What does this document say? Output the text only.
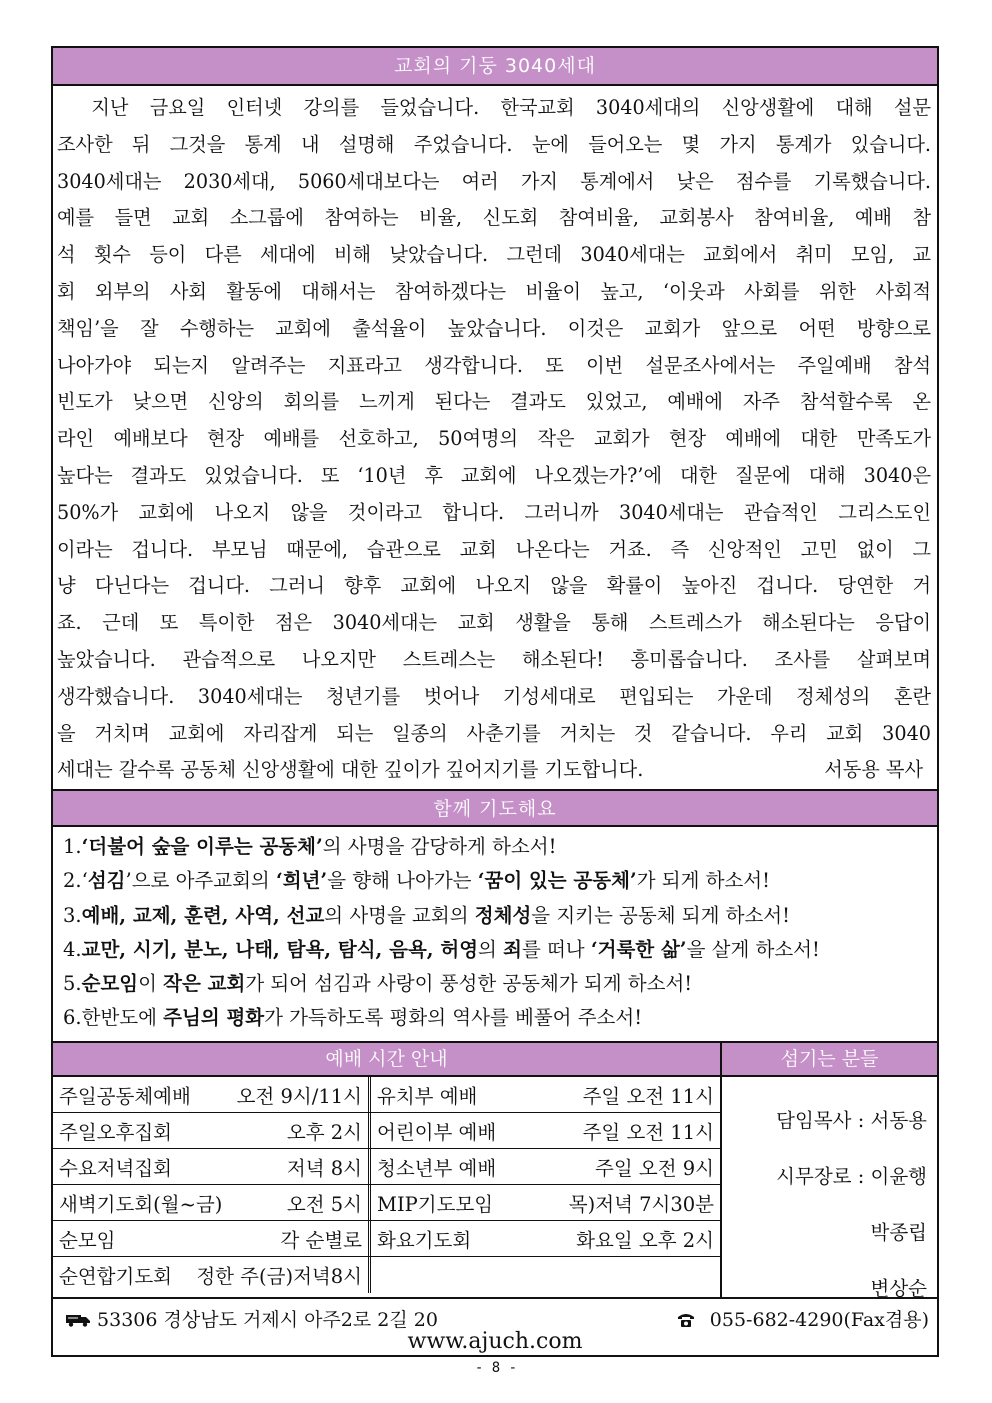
교회의 기둥 3040세대
　지난 금요일 인터넷 강의를 들었습니다. 한국교회 3040세대의 신앙생활에 대해 설문
조사한 뒤 그것을 통계 내 설명해 주었습니다. 눈에 들어오는 몇 가지 통계가 있습니다.
3040세대는 2030세대, 5060세대보다는 여러 가지 통계에서 낮은 점수를 기록했습니다.
예를 들면 교회 소그룹에 참여하는 비율, 신도회 참여비율, 교회봉사 참여비율, 예배 참
석 횟수 등이 다른 세대에 비해 낮았습니다. 그런데 3040세대는 교회에서 취미 모임, 교
회 외부의 사회 활동에 대해서는 참여하겠다는 비율이 높고, ‘이웃과 사회를 위한 사회적
책임’을 잘 수행하는 교회에 출석율이 높았습니다. 이것은 교회가 앞으로 어떤 방향으로
나아가야 되는지 알려주는 지표라고 생각합니다. 또 이번 설문조사에서는 주일예배 참석
빈도가 낮으면 신앙의 회의를 느끼게 된다는 결과도 있었고, 예배에 자주 참석할수록 온
라인 예배보다 현장 예배를 선호하고, 50여명의 작은 교회가 현장 예배에 대한 만족도가
높다는 결과도 있었습니다. 또 ‘10년 후 교회에 나오겠는가?’에 대한 질문에 대해 3040은
50%가 교회에 나오지 않을 것이라고 합니다. 그러니까 3040세대는 관습적인 그리스도인
이라는 겁니다. 부모님 때문에, 습관으로 교회 나온다는 거죠. 즉 신앙적인 고민 없이 그
냥 다닌다는 겁니다. 그러니 향후 교회에 나오지 않을 확률이 높아진 겁니다. 당연한 거
죠. 근데 또 특이한 점은 3040세대는 교회 생활을 통해 스트레스가 해소된다는 응답이
높았습니다. 관습적으로 나오지만 스트레스는 해소된다! 흥미롭습니다. 조사를 살펴보며
생각했습니다. 3040세대는 청년기를 벗어나 기성세대로 편입되는 가운데 정체성의 혼란
을 거치며 교회에 자리잡게 되는 일종의 사춘기를 거치는 것 같습니다. 우리 교회 3040
세대는 갈수록 공동체 신앙생활에 대한 깊이가 깊어지기를 기도합니다.	서동용 목사
함께 기도해요
1.‘더불어 숲을 이루는 공동체’의 사명을 감당하게 하소서!
2.‘섬김’으로 아주교회의 ‘희년’을 향해 나아가는 ‘꿈이 있는 공동체’가 되게 하소서!
3.예배, 교제, 훈련, 사역, 선교의 사명을 교회의 정체성을 지키는 공동체 되게 하소서!
4.교만, 시기, 분노, 나태, 탐욕, 탐식, 음욕, 허영의 죄를 떠나 ‘거룩한 삶’을 살게 하소서!
5.순모임이 작은 교회가 되어 섬김과 사랑이 풍성한 공동체가 되게 하소서!
6.한반도에 주님의 평화가 가득하도록 평화의 역사를 베풀어 주소서!
예배 시간 안내
주일공동체예배 오전 9시/11시 유치부 예배	주일 오전 11시
주일오후집회	오후 2시 어린이부 예배	주일 오전 11시
수요저녁집회	저녁 8시 청소년부 예배	주일 오전 9시
새벽기도회(월~금)	오전 5시 MIP기도모임	목)저녁 7시30분
순모임	각 순별로 화요기도회	화요일 오후 2시
순연합기도회 정한 주(금)저녁8시
섬기는 분들
담임목사 : 서동용
시무장로 : 이윤행
박종립
변상순
53306 경상남도 거제시 아주2로 2길 20	055-682-4290(Fax겸용)
www.ajuch.com
- 8 -
